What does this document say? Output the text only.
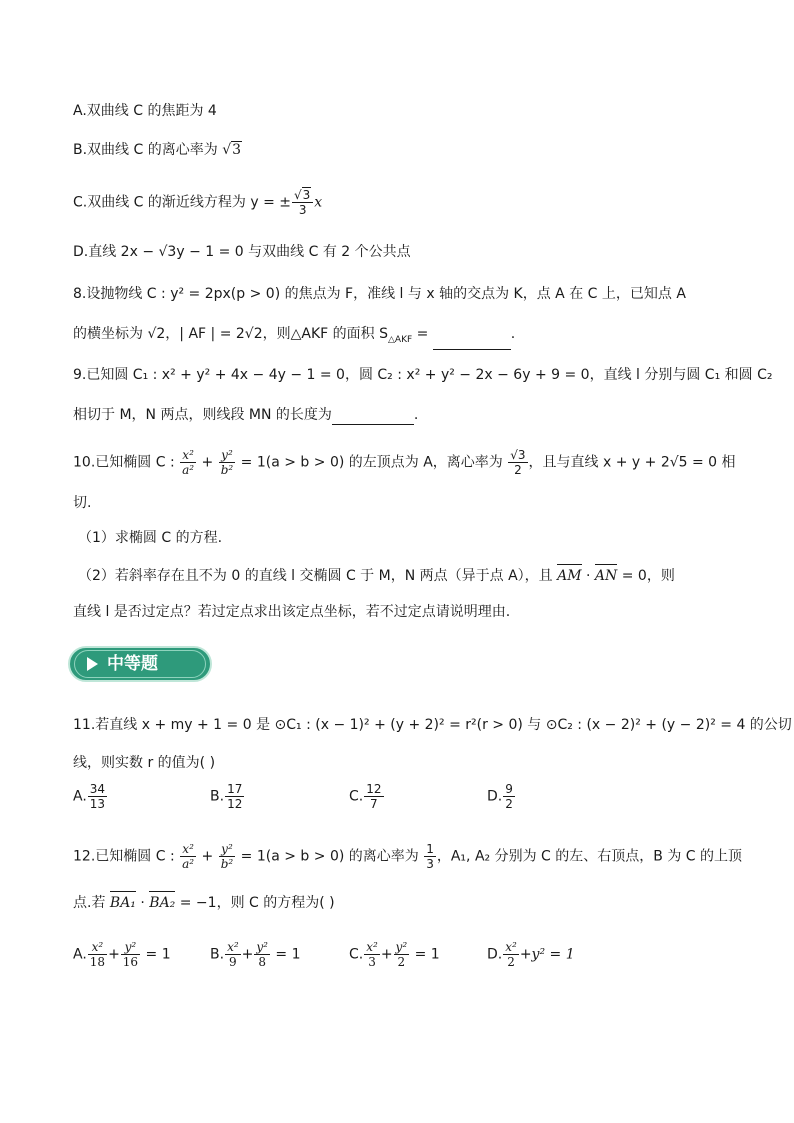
A.双曲线 C 的焦距为 4
B.双曲线 C 的离心率为 √3
C.双曲线 C 的渐近线方程为 y = ± $\frac{√3}{3}$ x
D.直线 2x − √3y − 1 = 0 与双曲线 C 有 2 个公共点
8.设抛物线 C : y² = 2px(p > 0) 的焦点为 F，准线 l 与 x 轴的交点为 K，点 A 在 C 上，已知点 A
的横坐标为 √2，| AF | = 2√2，则△AKF 的面积 $S_{\triangle AKF}$ =	.
9.已知圆 C₁ : x² + y² + 4x − 4y − 1 = 0，圆 C₂ : x² + y² − 2x − 6y + 9 = 0，直线 l 分别与圆 C₁ 和圆 C₂
相切于 M，N 两点，则线段 MN 的长度为	.
10.已知椭圆 C : $\frac{\text{x²}}{\text{a²}} + \frac{\text{y²}}{\text{b²}} = 1(a > b > 0)$ 的左顶点为 A，离心率为 $\frac{√3}{2}$ ，且与直线 x + y + 2√5 = 0 相
切.
（1）求椭圆 C 的方程.
（2）若斜率存在且不为 0 的直线 l 交椭圆 C 于 M，N 两点（异于点 A），且 AM · AN = 0，则
直线 l 是否过定点？若过定点求出该定点坐标，若不过定点请说明理由.
中等题
11.若直线 x + my + 1 = 0 是 ⊙C₁ : (x − 1)² + (y + 2)² = r²(r > 0) 与 ⊙C₂ : (x − 2)² + (y − 2)² = 4 的公切
线，则实数 r 的值为( )
A. $\frac{34}{13}$	B. $\frac{17}{12}$	C. $\frac{12}{7}$	D. $\frac{9}{2}$
12.已知椭圆 C : $\frac{\text{x²}}{\text{a²}} + \frac{\text{y²}}{\text{b²}} = 1(a > b > 0)$ 的离心率为 $\frac{1}{3}$ ，A₁, A₂ 分别为 C 的左、右顶点，B 为 C 的上顶
点.若 BA₁ · BA₂ = −1，则 C 的方程为( )
A. $\frac{\text{x²}}{18} + \frac{\text{y²}}{16} = 1$	B. $\frac{\text{x²}}{9} + \frac{\text{y²}}{8} = 1$	C. $\frac{\text{x²}}{3} + \frac{\text{y²}}{2} = 1$	D. $\frac{\text{x²}}{2} +y^2 = 1$
